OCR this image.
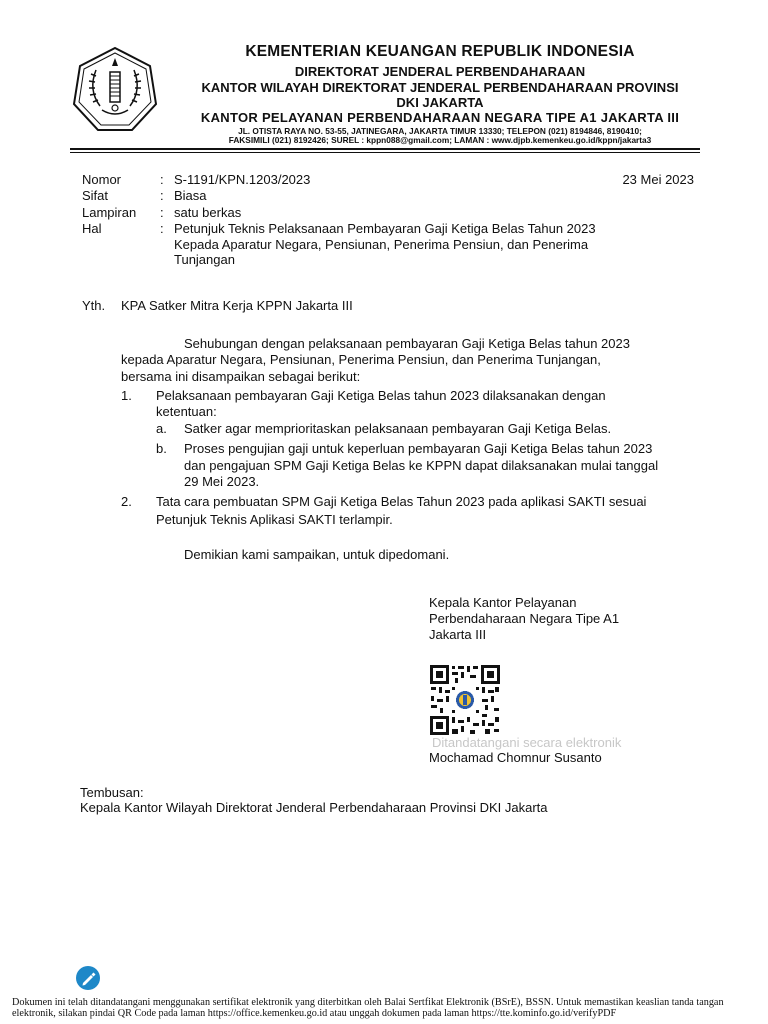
KEMENTERIAN KEUANGAN REPUBLIK INDONESIA
DIREKTORAT JENDERAL PERBENDAHARAAN
KANTOR WILAYAH DIREKTORAT JENDERAL PERBENDAHARAAN PROVINSI
DKI JAKARTA
KANTOR PELAYANAN PERBENDAHARAAN NEGARA TIPE A1 JAKARTA III
JL. OTISTA RAYA NO. 53-55, JATINEGARA, JAKARTA TIMUR 13330; TELEPON (021) 8194846, 8190410;
FAKSIMILI (021) 8192426; SUREL : kppn088@gmail.com; LAMAN : www.djpb.kemenkeu.go.id/kppn/jakarta3
Nomor	: S-1191/KPN.1203/2023	23 Mei 2023
Sifat	: Biasa
Lampiran : satu berkas
Hal	: Petunjuk Teknis Pelaksanaan Pembayaran Gaji Ketiga Belas Tahun 2023
Kepada Aparatur Negara, Pensiunan, Penerima Pensiun, dan Penerima
Tunjangan
Yth. KPA Satker Mitra Kerja KPPN Jakarta III
Sehubungan dengan pelaksanaan pembayaran Gaji Ketiga Belas tahun 2023
kepada Aparatur Negara, Pensiunan, Penerima Pensiun, dan Penerima Tunjangan,
bersama ini disampaikan sebagai berikut:
1. Pelaksanaan pembayaran Gaji Ketiga Belas tahun 2023 dilaksanakan dengan
ketentuan:
a. Satker agar memprioritaskan pelaksanaan pembayaran Gaji Ketiga Belas.
b. Proses pengujian gaji untuk keperluan pembayaran Gaji Ketiga Belas tahun 2023
dan pengajuan SPM Gaji Ketiga Belas ke KPPN dapat dilaksanakan mulai tanggal
29 Mei 2023.
2. Tata cara pembuatan SPM Gaji Ketiga Belas Tahun 2023 pada aplikasi SAKTI sesuai
Petunjuk Teknis Aplikasi SAKTI terlampir.
Demikian kami sampaikan, untuk dipedomani.
Kepala Kantor Pelayanan
Perbendaharaan Negara Tipe A1
Jakarta III
Ditandatangani secara elektronik
Mochamad Chomnur Susanto
Tembusan:
Kepala Kantor Wilayah Direktorat Jenderal Perbendaharaan Provinsi DKI Jakarta
Dokumen ini telah ditandatangani menggunakan sertifikat elektronik yang diterbitkan oleh Balai Sertfikat Elektronik (BSrE), BSSN. Untuk memastikan keaslian tanda tangan
elektronik, silakan pindai QR Code pada laman https://office.kemenkeu.go.id atau unggah dokumen pada laman https://tte.kominfo.go.id/verifyPDF
